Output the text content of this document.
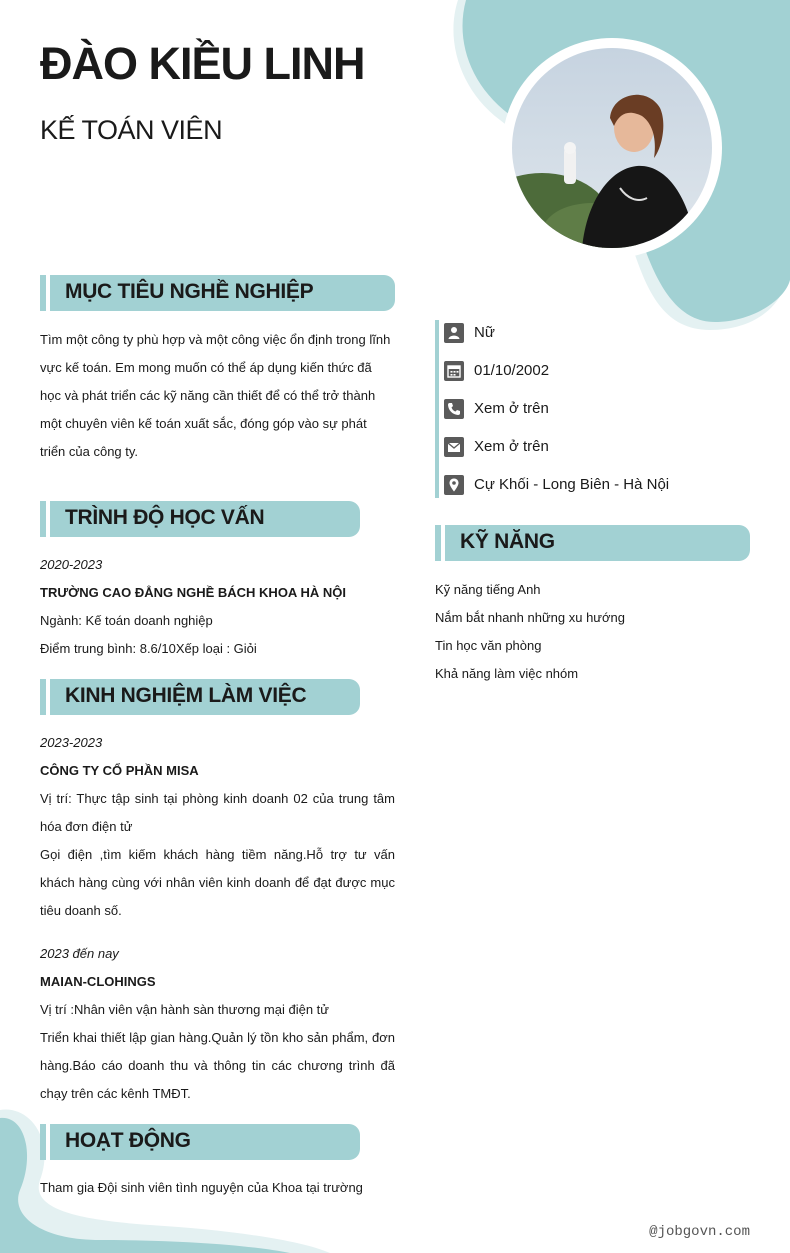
ĐÀO KIỀU LINH
KẾ TOÁN VIÊN
MỤC TIÊU NGHỀ NGHIỆP

Tìm một công ty phù hợp và một công việc ổn định trong lĩnh

vực kế toán. Em mong muốn có thể áp dụng kiến thức đã

học và phát triển các kỹ năng cần thiết để có thể trở thành

một chuyên viên kế toán xuất sắc, đóng góp vào sự phát

triển của công ty.

TRÌNH ĐỘ HỌC VẤN

2020-2023

TRƯỜNG CAO ĐẲNG NGHỀ BÁCH KHOA HÀ NỘI

Ngành: Kế toán doanh nghiệp

Điểm trung bình: 8.6/10Xếp loại : Giỏi

KINH NGHIỆM LÀM VIỆC

2023-2023

CÔNG TY CỔ PHẦN MISA

Vị trí: Thực tập sinh tại phòng kinh doanh 02 của trung tâm

hóa đơn điện tử

Gọi điện ,tìm kiếm khách hàng tiềm năng.Hỗ trợ tư vấn

khách hàng cùng với nhân viên kinh doanh để đạt được mục

tiêu doanh số.

2023 đến nay

MAIAN-CLOHINGS

Vị trí :Nhân viên vận hành sàn thương mại điện tử

Triển khai thiết lập gian hàng.Quản lý tồn kho sản phẩm, đơn

hàng.Báo cáo doanh thu và thông tin các chương trình đã

chạy trên các kênh TMĐT.

HOẠT ĐỘNG

Tham gia Đội sinh viên tình nguyện của Khoa tại trường

Nữ
01/10/2002
Xem ở trên
Xem ở trên
Cự Khối - Long Biên - Hà Nội
KỸ NĂNG
Kỹ năng tiếng Anh
Nắm bắt nhanh những xu hướng
Tin học văn phòng
Khả năng làm việc nhóm
@jobgovn.com
